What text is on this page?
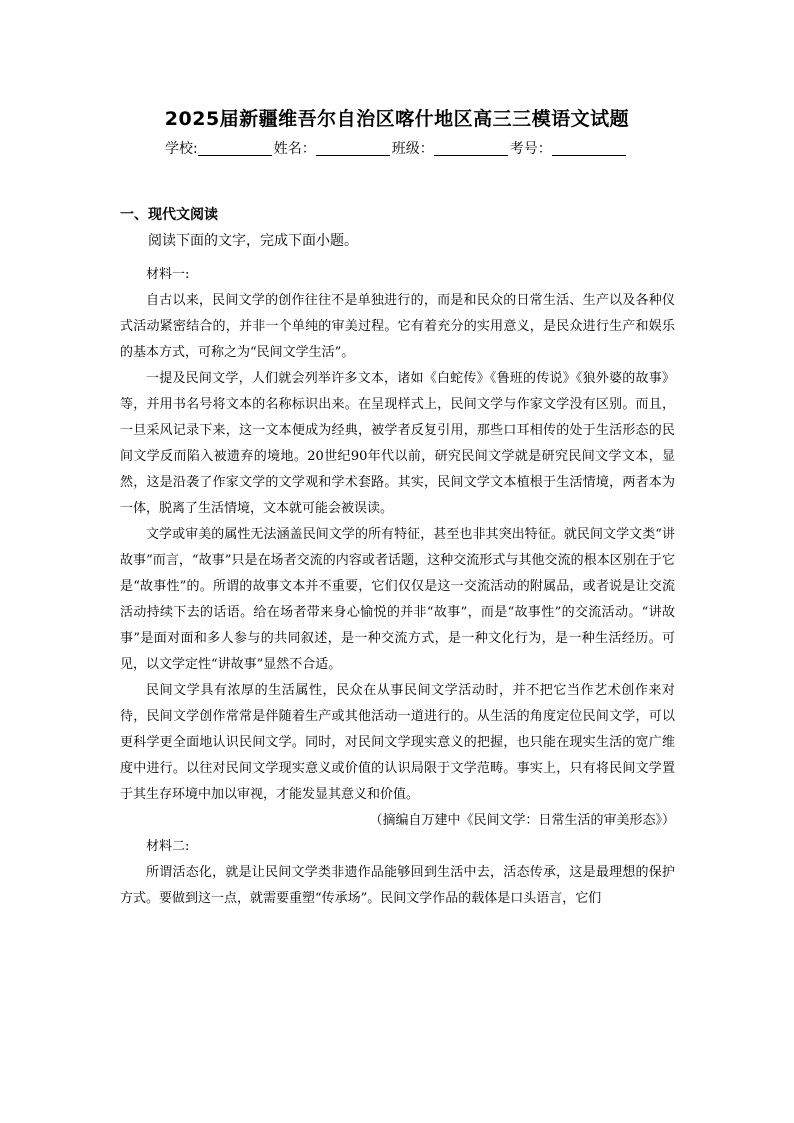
2025届新疆维吾尔自治区喀什地区高三三模语文试题
学校:	姓名：	班级：	考号：
一、现代文阅读
阅读下面的文字，完成下面小题。

材料一:

自古以来，民间文学的创作往往不是单独进行的，而是和民众的日常生活、生产以及各种仪式活动紧密结合的，并非一个单纯的审美过程。它有着充分的实用意义，是民众进行生产和娱乐的基本方式，可称之为“民间文学生活”。

一提及民间文学，人们就会列举许多文本，诸如《白蛇传》《鲁班的传说》《狼外婆的故事》等，并用书名号将文本的名称标识出来。在呈现样式上，民间文学与作家文学没有区别。而且，一旦采风记录下来，这一文本便成为经典，被学者反复引用，那些口耳相传的处于生活形态的民间文学反而陷入被遗弃的境地。20世纪90年代以前，研究民间文学就是研究民间文学文本，显然，这是沿袭了作家文学的文学观和学术套路。其实，民间文学文本植根于生活情境，两者本为一体，脱离了生活情境，文本就可能会被误读。

文学或审美的属性无法涵盖民间文学的所有特征，甚至也非其突出特征。就民间文学文类“讲故事”而言，“故事”只是在场者交流的内容或者话题，这种交流形式与其他交流的根本区别在于它是“故事性”的。所谓的故事文本并不重要，它们仅仅是这一交流活动的附属品，或者说是让交流活动持续下去的话语。给在场者带来身心愉悦的并非“故事”，而是“故事性”的交流活动。“讲故事”是面对面和多人参与的共同叙述，是一种交流方式，是一种文化行为，是一种生活经历。可见，以文学定性“讲故事”显然不合适。

民间文学具有浓厚的生活属性，民众在从事民间文学活动时，并不把它当作艺术创作来对待，民间文学创作常常是伴随着生产或其他活动一道进行的。从生活的角度定位民间文学，可以更科学更全面地认识民间文学。同时，对民间文学现实意义的把握，也只能在现实生活的宽广维度中进行。以往对民间文学现实意义或价值的认识局限于文学范畴。事实上，只有将民间文学置于其生存环境中加以审视，才能发显其意义和价值。

（摘编自万建中《民间文学：日常生活的审美形态》）

材料二:

所谓活态化，就是让民间文学类非遗作品能够回到生活中去，活态传承，这是最理想的保护方式。要做到这一点，就需要重塑“传承场”。民间文学作品的载体是口头语言，它们
